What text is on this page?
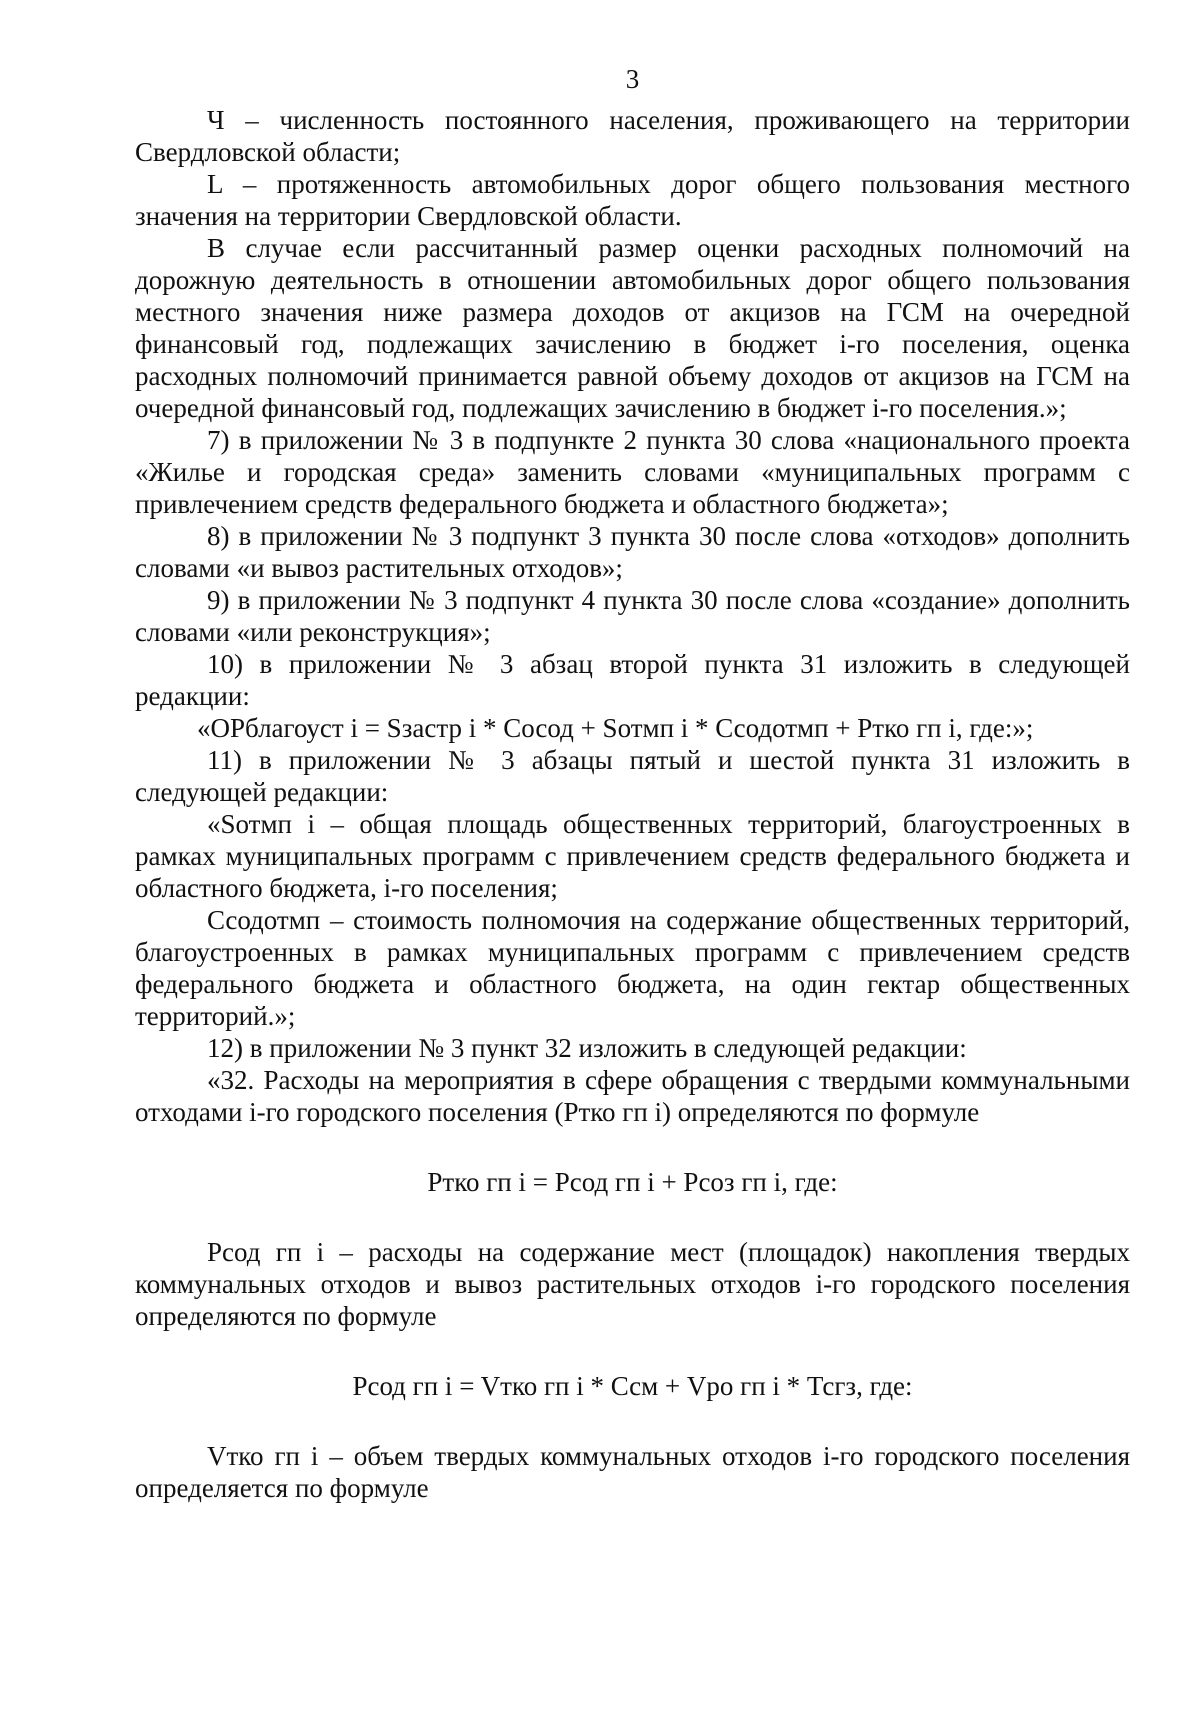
3

Ч – численность постоянного населения, проживающего на территории Свердловской области;

L – протяженность автомобильных дорог общего пользования местного значения на территории Свердловской области.

В случае если рассчитанный размер оценки расходных полномочий на дорожную деятельность в отношении автомобильных дорог общего пользования местного значения ниже размера доходов от акцизов на ГСМ на очередной финансовый год, подлежащих зачислению в бюджет i-го поселения, оценка расходных полномочий принимается равной объему доходов от акцизов на ГСМ на очередной финансовый год, подлежащих зачислению в бюджет i-го поселения.»;

7) в приложении № 3 в подпункте 2 пункта 30 слова «национального проекта «Жилье и городская среда» заменить словами «муниципальных программ с привлечением средств федерального бюджета и областного бюджета»;

8) в приложении № 3 подпункт 3 пункта 30 после слова «отходов» дополнить словами «и вывоз растительных отходов»;

9) в приложении № 3 подпункт 4 пункта 30 после слова «создание» дополнить словами «или реконструкция»;

10) в приложении № 3 абзац второй пункта 31 изложить в следующей редакции:

«ОРблагоуст i = Sзастр i * Сосод + Sотмп i * Ссодотмп + Ртко гп i, где:»;

11) в приложении № 3 абзацы пятый и шестой пункта 31 изложить в следующей редакции:

«Sотмп i – общая площадь общественных территорий, благоустроенных в рамках муниципальных программ с привлечением средств федерального бюджета и областного бюджета, i-го поселения;

Ссодотмп – стоимость полномочия на содержание общественных территорий, благоустроенных в рамках муниципальных программ с привлечением средств федерального бюджета и областного бюджета, на один гектар общественных территорий.»;

12) в приложении № 3 пункт 32 изложить в следующей редакции:

«32. Расходы на мероприятия в сфере обращения с твердыми коммунальными отходами i-го городского поселения (Ртко гп i) определяются по формуле

Ртко гп i = Рсод гп i + Рсоз гп i, где:

Рсод гп i – расходы на содержание мест (площадок) накопления твердых коммунальных отходов и вывоз растительных отходов i-го городского поселения определяются по формуле

Рсод гп i = Vтко гп i * Ссм + Vро гп i * Тсгз, где:

Vтко гп i – объем твердых коммунальных отходов i-го городского поселения определяется по формуле
